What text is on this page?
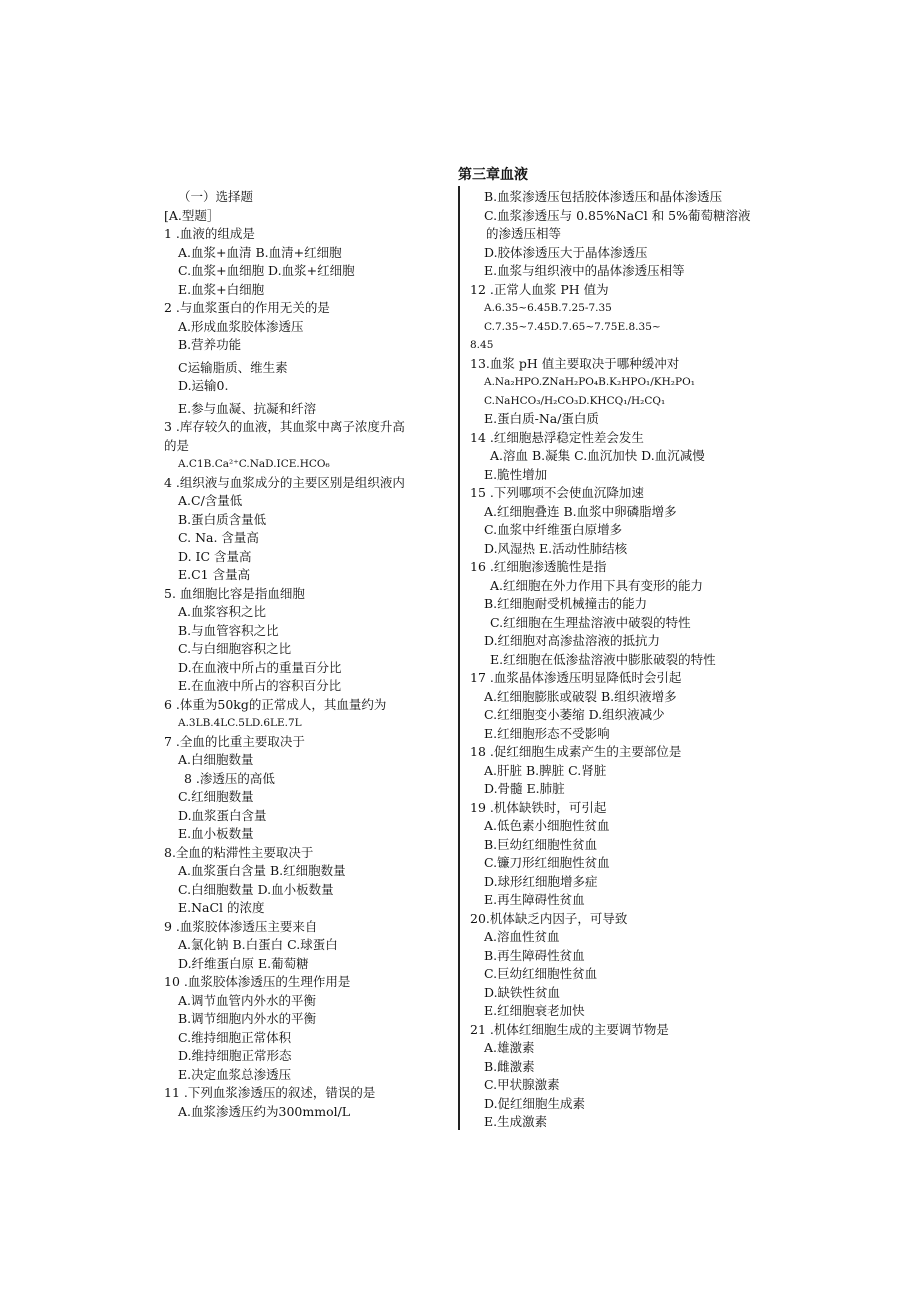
第三章血液
（一）选择题
[A.型题］
1 .血液的组成是
A.血浆+血清 B.血清+红细胞
C.血浆+血细胞 D.血浆+红细胞
E.血浆+白细胞
2 .与血浆蛋白的作用无关的是
A.形成血浆胶体渗透压
B.营养功能
C运输脂质、维生素
D.运输0.
E.参与血凝、抗凝和纤溶
3 .库存较久的血液，其血浆中离子浓度升高
的是
A.C1B.Ca²⁺C.NaD.ICE.HCO₆
4 .组织液与血浆成分的主要区别是组织液内
A.C/含量低
B.蛋白质含量低
C. Na. 含量高
D. IC 含量高
E.C1 含量高
5. 血细胞比容是指血细胞
A.血浆容积之比
B.与血管容积之比
C.与白细胞容积之比
D.在血液中所占的重量百分比
E.在血液中所占的容积百分比
6 .体重为50kg的正常成人，其血量约为
A.3LB.4LC.5LD.6LE.7L
7 .全血的比重主要取决于
A.白细胞数量
8 .渗透压的高低
C.红细胞数量
D.血浆蛋白含量
E.血小板数量
8.全血的粘滞性主要取决于
A.血浆蛋白含量 B.红细胞数量
C.白细胞数量 D.血小板数量
E.NaCl 的浓度
9 .血浆胶体渗透压主要来自
A.氯化钠 B.白蛋白 C.球蛋白
D.纤维蛋白原 E.葡萄糖
10 .血浆胶体渗透压的生理作用是
A.调节血管内外水的平衡
B.调节细胞内外水的平衡
C.维持细胞正常体积
D.维持细胞正常形态
E.决定血浆总渗透压
11 .下列血浆渗透压的叙述，错误的是
A.血浆渗透压约为300mmol/L
B.血浆渗透压包括胶体渗透压和晶体渗透压
C.血浆渗透压与 0.85%NaCl 和 5%葡萄糖溶液
的渗透压相等
D.胶体渗透压大于晶体渗透压
E.血浆与组织液中的晶体渗透压相等
12 .正常人血浆 PH 值为
A.6.35~6.45B.7.25-7.35
C.7.35~7.45D.7.65~7.75E.8.35~
8.45
13.血浆 pH 值主要取决于哪种缓冲对
A.Na₂HPO.ZNaH₂PO₄B.K₂HPO₁/KH₂PO₁
C.NaHCO₃/H₂CO₃D.KHCQ₁/H₂CQ₁
E.蛋白质-Na/蛋白质
14 .红细胞悬浮稳定性差会发生
A.溶血 B.凝集 C.血沉加快 D.血沉减慢
E.脆性增加
15 .下列哪项不会使血沉降加速
A.红细胞叠连 B.血浆中卵磷脂增多
C.血浆中纤维蛋白原增多
D.风湿热 E.活动性肺结核
16 .红细胞渗透脆性是指
A.红细胞在外力作用下具有变形的能力
B.红细胞耐受机械撞击的能力
C.红细胞在生理盐溶液中破裂的特性
D.红细胞对高渗盐溶液的抵抗力
E.红细胞在低渗盐溶液中膨胀破裂的特性
17 .血浆晶体渗透压明显降低时会引起
A.红细胞膨胀或破裂 B.组织液增多
C.红细胞变小萎缩 D.组织液减少
E.红细胞形态不受影响
18 .促红细胞生成素产生的主要部位是
A.肝脏 B.脾脏 C.肾脏
D.骨髓 E.肺脏
19 .机体缺铁时，可引起
A.低色素小细胞性贫血
B.巨幼红细胞性贫血
C.镰刀形红细胞性贫血
D.球形红细胞增多症
E.再生障碍性贫血
20.机体缺乏内因子，可导致
A.溶血性贫血
B.再生障碍性贫血
C.巨幼红细胞性贫血
D.缺铁性贫血
E.红细胞衰老加快
21 .机体红细胞生成的主要调节物是
A.雄激素
B.雌激素
C.甲状腺激素
D.促红细胞生成素
E.生成激素
